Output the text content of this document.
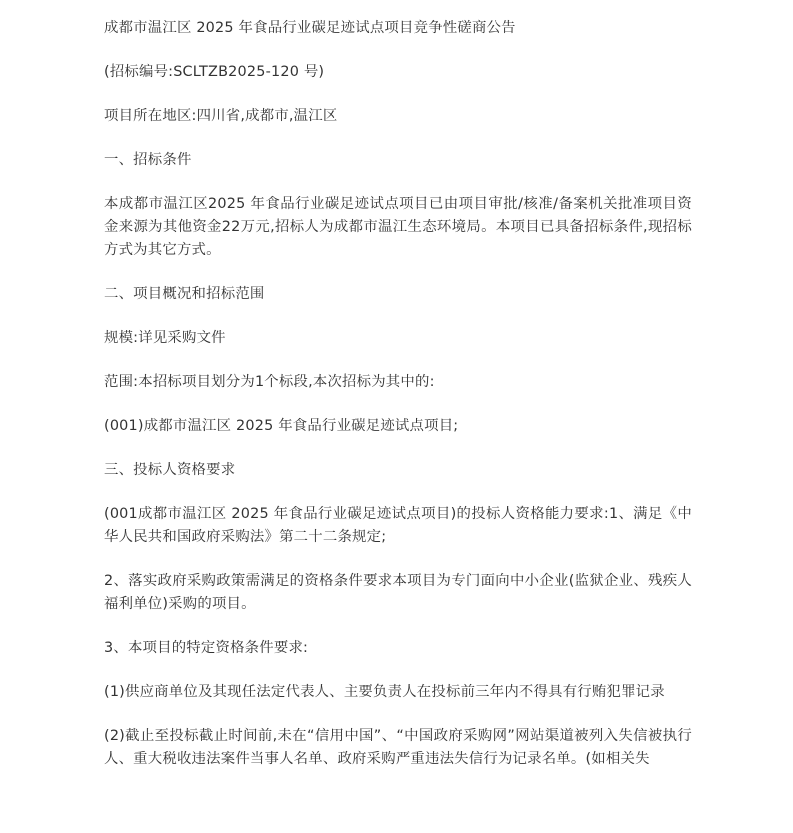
成都市温江区 2025 年食品行业碳足迹试点项目竞争性磋商公告

(招标编号:SCLTZB2025-120 号)

项目所在地区:四川省,成都市,温江区

一、招标条件

本成都市温江区2025 年食品行业碳足迹试点项目已由项目审批/核准/备案机关批准项目资金来源为其他资金22万元,招标人为成都市温江生态环境局。本项目已具备招标条件,现招标方式为其它方式。

二、项目概况和招标范围

规模:详见采购文件

范围:本招标项目划分为1个标段,本次招标为其中的:

(001)成都市温江区 2025 年食品行业碳足迹试点项目;

三、投标人资格要求

(001成都市温江区 2025 年食品行业碳足迹试点项目)的投标人资格能力要求:1、满足《中华人民共和国政府采购法》第二十二条规定;

2、落实政府采购政策需满足的资格条件要求本项目为专门面向中小企业(监狱企业、残疾人福利单位)采购的项目。

3、本项目的特定资格条件要求:

(1)供应商单位及其现任法定代表人、主要负责人在投标前三年内不得具有行贿犯罪记录

(2)截止至投标截止时间前,未在“信用中国”、“中国政府采购网”网站渠道被列入失信被执行人、重大税收违法案件当事人名单、政府采购严重违法失信行为记录名单。(如相关失
